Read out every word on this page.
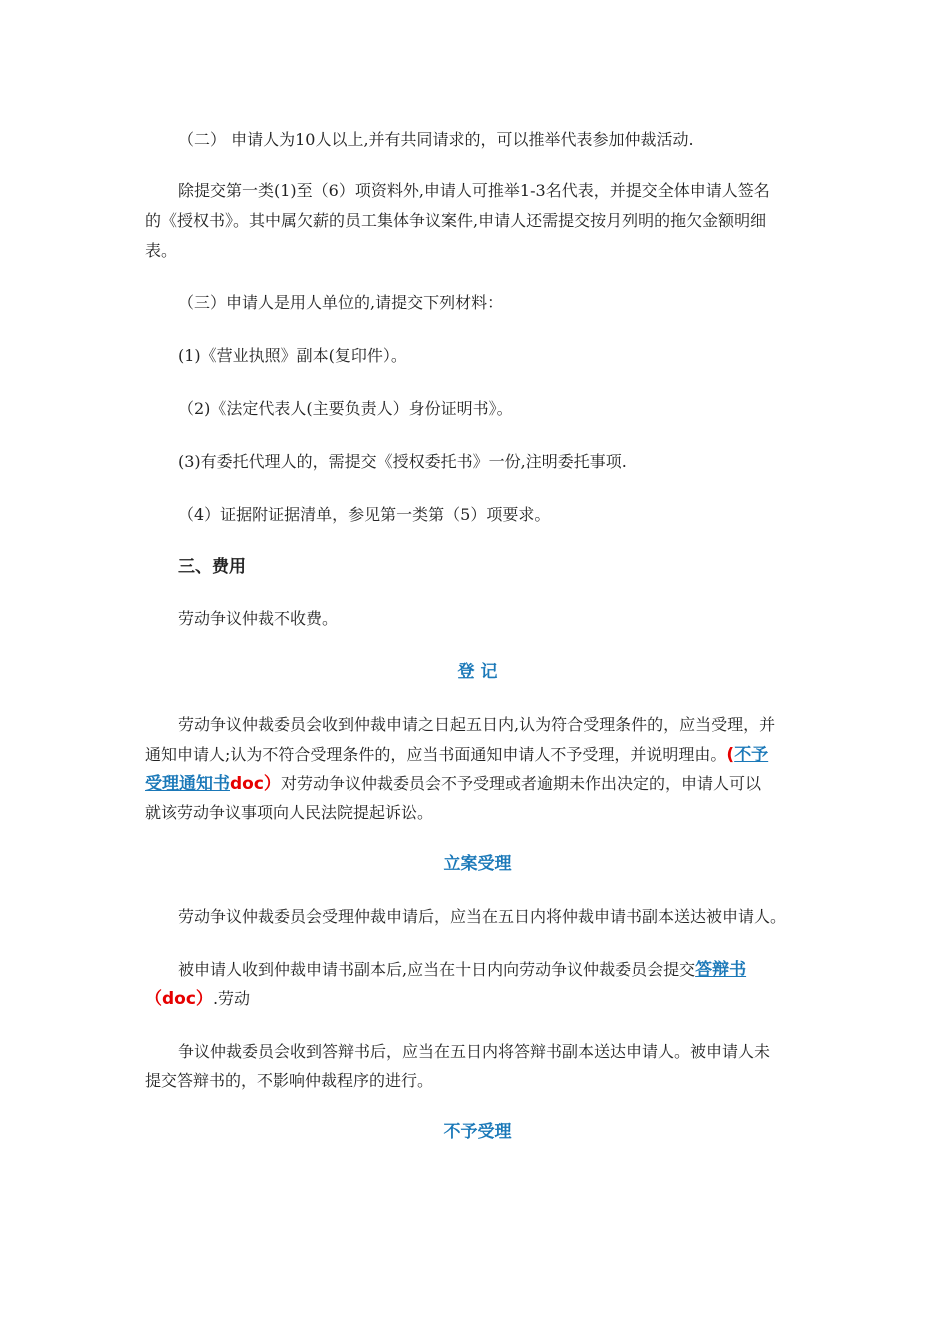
（二） 申请人为10人以上,并有共同请求的，可以推举代表参加仲裁活动.

除提交第一类(1)至（6）项资料外,申请人可推举1-3名代表，并提交全体申请人签名

的《授权书》。其中属欠薪的员工集体争议案件,申请人还需提交按月列明的拖欠金额明细

表。

（三）申请人是用人单位的,请提交下列材料：

(1)《营业执照》副本(复印件）。

（2)《法定代表人(主要负责人）身份证明书》。

(3)有委托代理人的，需提交《授权委托书》一份,注明委托事项.

（4）证据附证据清单，参见第一类第（5）项要求。

三、费用

劳动争议仲裁不收费。

登 记

劳动争议仲裁委员会收到仲裁申请之日起五日内,认为符合受理条件的，应当受理，并

通知申请人;认为不符合受理条件的，应当书面通知申请人不予受理，并说明理由。(不予

受理通知书doc）对劳动争议仲裁委员会不予受理或者逾期未作出决定的，申请人可以

就该劳动争议事项向人民法院提起诉讼。

立案受理

劳动争议仲裁委员会受理仲裁申请后，应当在五日内将仲裁申请书副本送达被申请人。

被申请人收到仲裁申请书副本后,应当在十日内向劳动争议仲裁委员会提交答辩书

（doc）.劳动

争议仲裁委员会收到答辩书后，应当在五日内将答辩书副本送达申请人。被申请人未

提交答辩书的，不影响仲裁程序的进行。

不予受理
